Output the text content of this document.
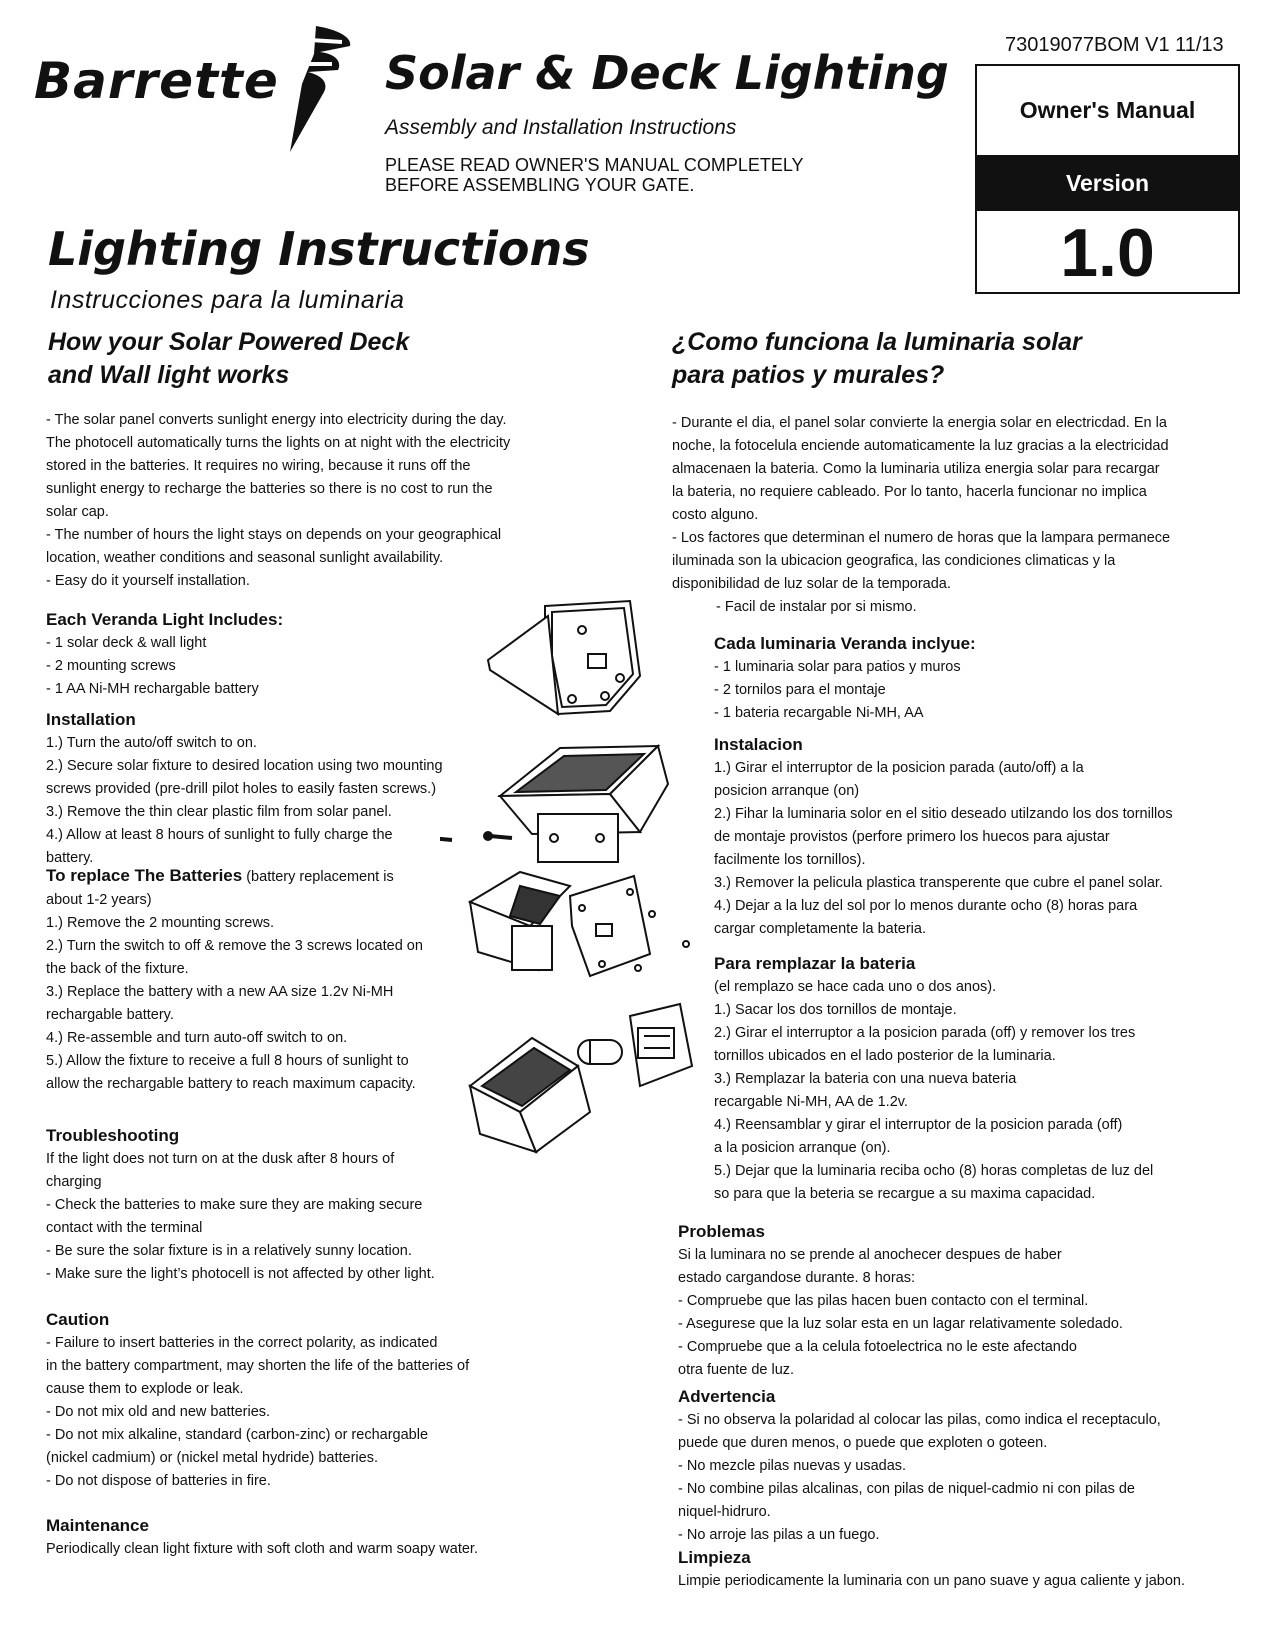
Barrette Solar & Deck Lighting
Assembly and Installation Instructions
PLEASE READ OWNER'S MANUAL COMPLETELY
BEFORE ASSEMBLING YOUR GATE.
73019077BOM V1 11/13
Owner's Manual
Version
1.0
Lighting Instructions
Instrucciones para la luminaria
How your Solar Powered Deck
and Wall light works

- The solar panel converts sunlight energy into electricity during the day.

The photocell automatically turns the lights on at night with the electricity

stored in the batteries. It requires no wiring, because it runs off the

sunlight energy to recharge the batteries so there is no cost to run the

solar cap.

- The number of hours the light stays on depends on your geographical

location, weather conditions and seasonal sunlight availability.

- Easy do it yourself installation.

Each Veranda Light Includes:

- 1 solar deck & wall light

- 2 mounting screws

- 1 AA Ni-MH rechargable battery

Installation

1.) Turn the auto/off switch to on.

2.) Secure solar fixture to desired location using two mounting

screws provided (pre-drill pilot holes to easily fasten screws.)

3.) Remove the thin clear plastic film from solar panel.

4.) Allow at least 8 hours of sunlight to fully charge the

battery.

To replace The Batteries (battery replacement is

about 1-2 years)

1.) Remove the 2 mounting screws.

2.) Turn the switch to off & remove the 3 screws located on

the back of the fixture.

3.) Replace the battery with a new AA size 1.2v Ni-MH

rechargable battery.

4.) Re-assemble and turn auto-off switch to on.

5.) Allow the fixture to receive a full 8 hours of sunlight to

allow the rechargable battery to reach maximum capacity.

Troubleshooting

If the light does not turn on at the dusk after 8 hours of

charging

- Check the batteries to make sure they are making secure

contact with the terminal

- Be sure the solar fixture is in a relatively sunny location.

- Make sure the light’s photocell is not affected by other light.

Caution

- Failure to insert batteries in the correct polarity, as indicated

in the battery compartment, may shorten the life of the batteries of

cause them to explode or leak.

- Do not mix old and new batteries.

- Do not mix alkaline, standard (carbon-zinc) or rechargable

(nickel cadmium) or (nickel metal hydride) batteries.

- Do not dispose of batteries in fire.

Maintenance

Periodically clean light fixture with soft cloth and warm soapy water.

¿Como funciona la luminaria solar
para patios y murales?

- Durante el dia, el panel solar convierte la energia solar en electricdad. En la

noche, la fotocelula enciende automaticamente la luz gracias a la electricidad

almacenaen la bateria. Como la luminaria utiliza energia solar para recargar

la bateria, no requiere cableado. Por lo tanto, hacerla funcionar no implica

costo alguno.

- Los factores que determinan el numero de horas que la lampara permanece

iluminada son la ubicacion geografica, las condiciones climaticas y la

disponibilidad de luz solar de la temporada.

- Facil de instalar por si mismo.

Cada luminaria Veranda inclyue:

- 1 luminaria solar para patios y muros

- 2 tornilos para el montaje

- 1 bateria recargable Ni-MH, AA

Instalacion

1.) Girar el interruptor de la posicion parada (auto/off) a la

posicion arranque (on)

2.) Fihar la luminaria solor en el sitio deseado utilzando los dos tornillos

de montaje provistos (perfore primero los huecos para ajustar

facilmente los tornillos).

3.) Remover la pelicula plastica transperente que cubre el panel solar.

4.) Dejar a la luz del sol por lo menos durante ocho (8) horas para

cargar completamente la bateria.

Para remplazar la bateria

(el remplazo se hace cada uno o dos anos).

1.) Sacar los dos tornillos de montaje.

2.) Girar el interruptor a la posicion parada (off) y remover los tres

tornillos ubicados en el lado posterior de la luminaria.

3.) Remplazar la bateria con una nueva bateria

recargable Ni-MH, AA de 1.2v.

4.) Reensamblar y girar el interruptor de la posicion parada (off)

a la posicion arranque (on).

5.) Dejar que la luminaria reciba ocho (8) horas completas de luz del

so para que la beteria se recargue a su maxima capacidad.

Problemas

Si la luminara no se prende al anochecer despues de haber

estado cargandose durante. 8 horas:

- Compruebe que las pilas hacen buen contacto con el terminal.

- Asegurese que la luz solar esta en un lagar relativamente soledado.

- Compruebe que a la celula fotoelectrica no le este afectando

otra fuente de luz.

Advertencia

- Si no observa la polaridad al colocar las pilas, como indica el receptaculo,

puede que duren menos, o puede que exploten o goteen.

- No mezcle pilas nuevas y usadas.

- No combine pilas alcalinas, con pilas de niquel-cadmio ni con pilas de

niquel-hidruro.

- No arroje las pilas a un fuego.

Limpieza

Limpie periodicamente la luminaria con un pano suave y agua caliente y jabon.
